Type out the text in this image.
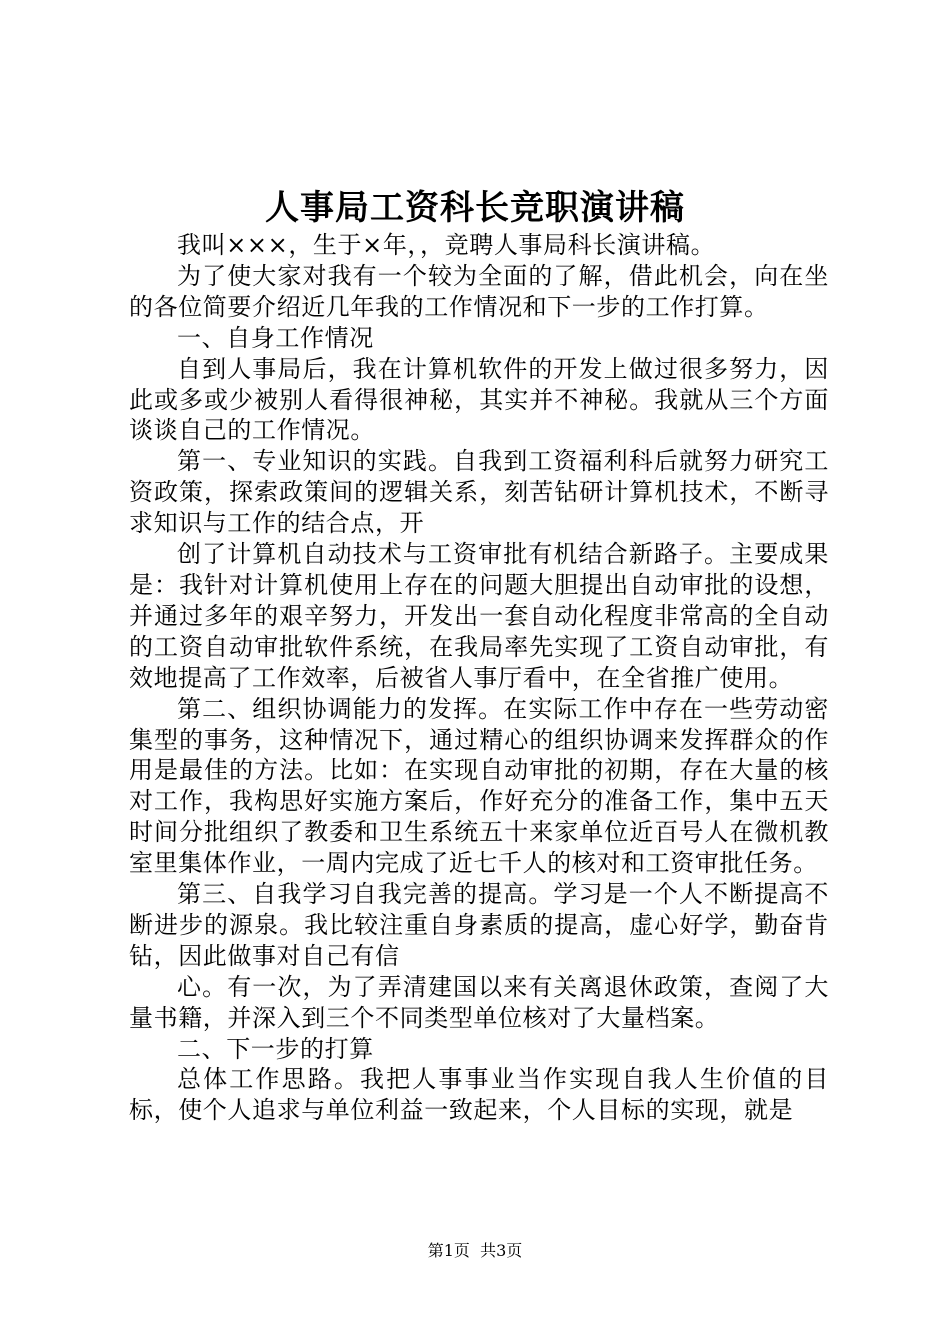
人事局工资科长竞职演讲稿

我叫×××，生于×年，，竞聘人事局科长演讲稿。

为了使大家对我有一个较为全面的了解，借此机会，向在坐的各位简要介绍近几年我的工作情况和下一步的工作打算。

一、自身工作情况

自到人事局后，我在计算机软件的开发上做过很多努力，因此或多或少被别人看得很神秘，其实并不神秘。我就从三个方面谈谈自己的工作情况。

第一、专业知识的实践。自我到工资福利科后就努力研究工资政策，探索政策间的逻辑关系，刻苦钻研计算机技术，不断寻求知识与工作的结合点，开

创了计算机自动技术与工资审批有机结合新路子。主要成果是：我针对计算机使用上存在的问题大胆提出自动审批的设想，并通过多年的艰辛努力，开发出一套自动化程度非常高的全自动的工资自动审批软件系统，在我局率先实现了工资自动审批，有效地提高了工作效率，后被省人事厅看中，在全省推广使用。

第二、组织协调能力的发挥。在实际工作中存在一些劳动密集型的事务，这种情况下，通过精心的组织协调来发挥群众的作用是最佳的方法。比如：在实现自动审批的初期，存在大量的核对工作，我构思好实施方案后，作好充分的准备工作，集中五天时间分批组织了教委和卫生系统五十来家单位近百号人在微机教室里集体作业，一周内完成了近七千人的核对和工资审批任务。

第三、自我学习自我完善的提高。学习是一个人不断提高不断进步的源泉。我比较注重自身素质的提高，虚心好学，勤奋肯钻，因此做事对自己有信

心。有一次，为了弄清建国以来有关离退休政策，查阅了大量书籍，并深入到三个不同类型单位核对了大量档案。

二、下一步的打算

总体工作思路。我把人事事业当作实现自我人生价值的目标，使个人追求与单位利益一致起来，个人目标的实现，就是

第1页 共3页
